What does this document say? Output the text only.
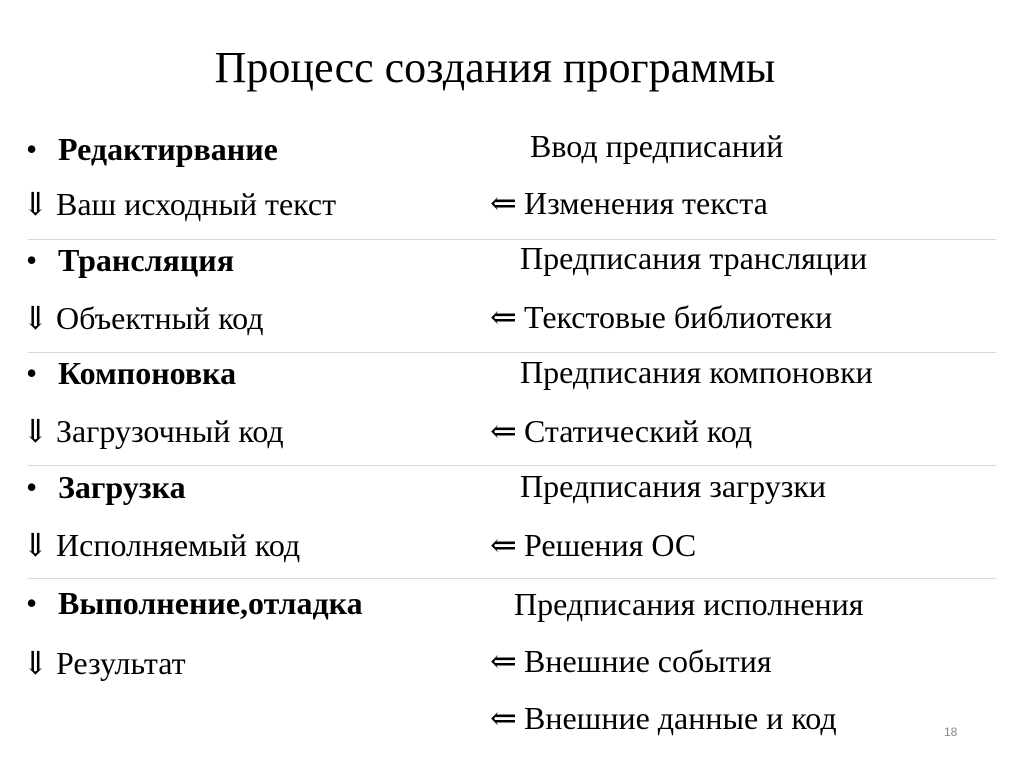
Процесс создания программы
• Редактирвание
⇓ Ваш исходный текст
• Трансляция
⇓ Объектный код
• Компоновка
⇓ Загрузочный код
• Загрузка
⇓ Исполняемый код
• Выполнение,отладка
⇓ Результат
Ввод предписаний
⇐ Изменения текста
Предписания трансляции
⇐ Текстовые библиотеки
Предписания компоновки
⇐ Статический код
Предписания загрузки
⇐ Решения ОС
Предписания исполнения
⇐ Внешние события
⇐ Внешние данные и код	18
